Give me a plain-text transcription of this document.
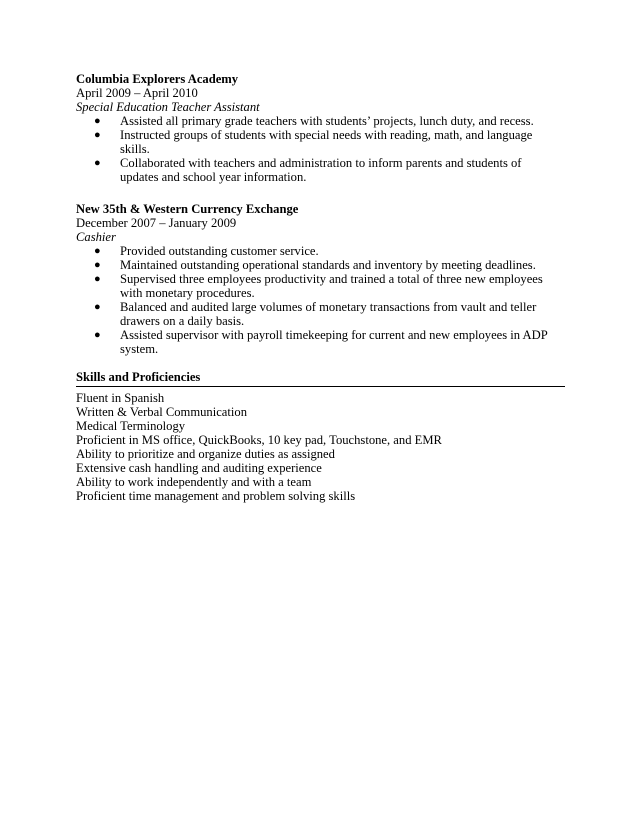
Columbia Explorers Academy

April 2009 – April 2010

Special Education Teacher Assistant

● Assisted all primary grade teachers with students’ projects, lunch duty, and recess.
● Instructed groups of students with special needs with reading, math, and language skills.
● Collaborated with teachers and administration to inform parents and students of updates and school year information.

New 35th & Western Currency Exchange

December 2007 – January 2009

Cashier

● Provided outstanding customer service.
● Maintained outstanding operational standards and inventory by meeting deadlines.
● Supervised three employees productivity and trained a total of three new employees with monetary procedures.
● Balanced and audited large volumes of monetary transactions from vault and teller drawers on a daily basis.
● Assisted supervisor with payroll timekeeping for current and new employees in ADP system.
Skills and Proficiencies
Fluent in Spanish
Written & Verbal Communication
Medical Terminology
Proficient in MS office, QuickBooks, 10 key pad, Touchstone, and EMR
Ability to prioritize and organize duties as assigned
Extensive cash handling and auditing experience
Ability to work independently and with a team
Proficient time management and problem solving skills
